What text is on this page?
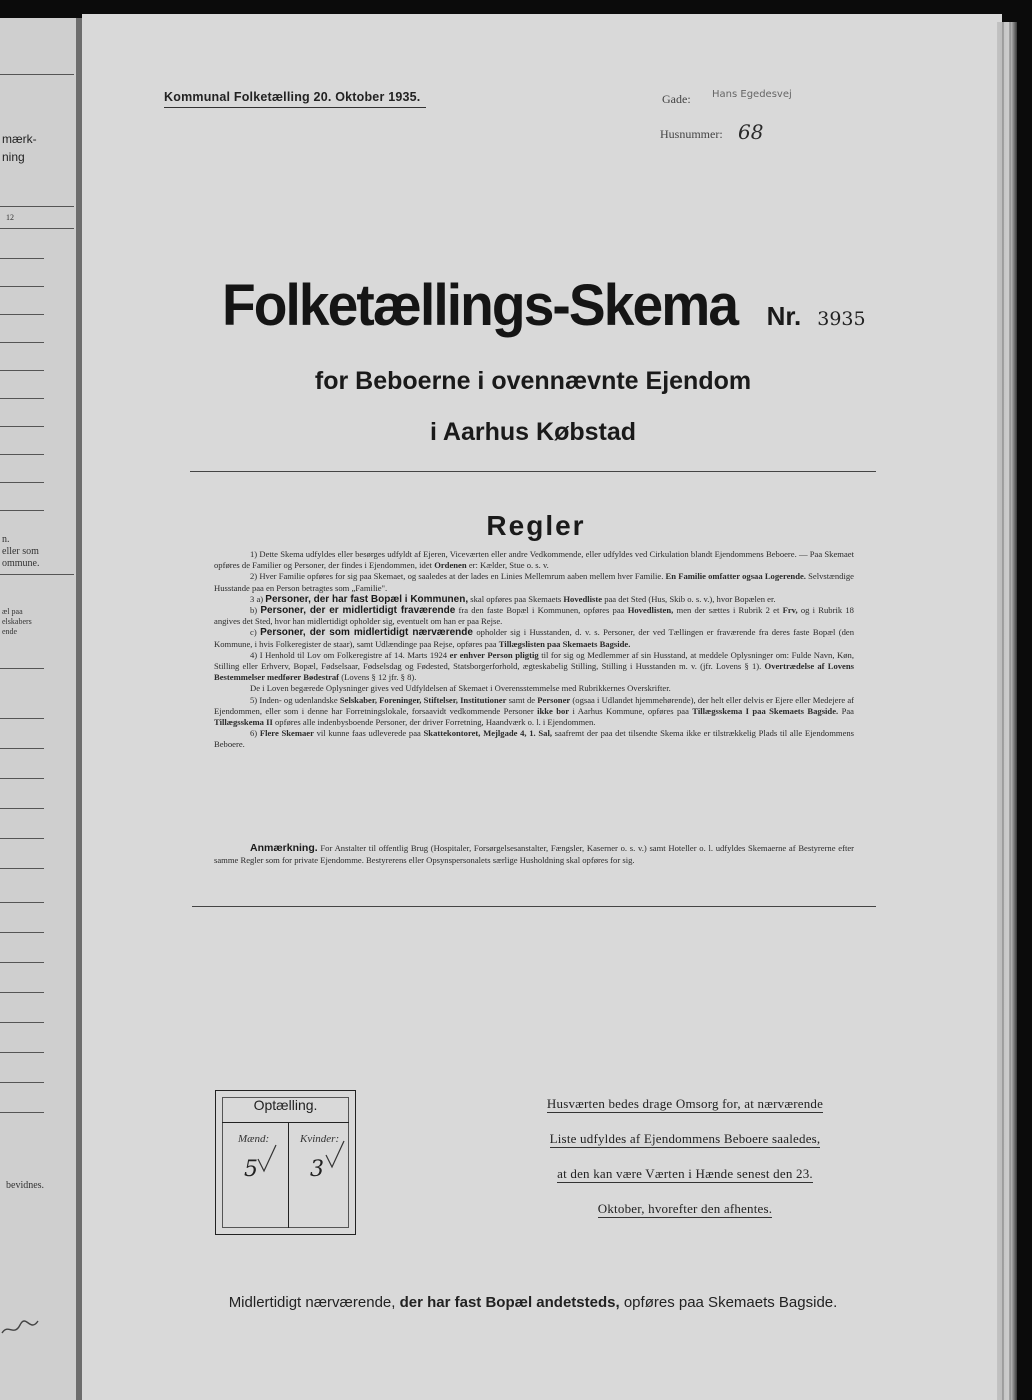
mærk-
ning
12
n.
eller som
ommune.
æl paa
elskabers
ende
bevidnes.
Kommunal Folketælling 20. Oktober 1935.	Gade: Hans Egedesvej
Husnummer: 68
Folketællings-Skema Nr. 3935
for Beboerne i ovennævnte Ejendom
i Aarhus Købstad
Regler

1) Dette Skema udfyldes eller besørges udfyldt af Ejeren, Viceværten eller andre Vedkommende, eller udfyldes ved Cirkulation blandt Ejendommens Beboere. — Paa Skemaet opføres de Familier og Personer, der findes i Ejendommen, idet Ordenen er: Kælder, Stue o. s. v.

2) Hver Familie opføres for sig paa Skemaet, og saaledes at der lades en Linies Mellemrum aaben mellem hver Familie. En Familie omfatter ogsaa Logerende. Selvstændige Husstande paa en Person betragtes som „Familie".

3 a) Personer, der har fast Bopæl i Kommunen, skal opføres paa Skemaets Hovedliste paa det Sted (Hus, Skib o. s. v.), hvor Bopælen er.

b) Personer, der er midlertidigt fraværende fra den faste Bopæl i Kommunen, opføres paa Hovedlisten, men der sættes i Rubrik 2 et Frv, og i Rubrik 18 angives det Sted, hvor han midlertidigt opholder sig, eventuelt om han er paa Rejse.

c) Personer, der som midlertidigt nærværende opholder sig i Husstanden, d. v. s. Personer, der ved Tællingen er fraværende fra deres faste Bopæl (den Kommune, i hvis Folkeregister de staar), samt Udlændinge paa Rejse, opføres paa Tillægslisten paa Skemaets Bagside.

4) I Henhold til Lov om Folkeregistre af 14. Marts 1924 er enhver Person pligtig til for sig og Medlemmer af sin Husstand, at meddele Oplysninger om: Fulde Navn, Køn, Stilling eller Erhverv, Bopæl, Fødselsaar, Fødselsdag og Fødested, Statsborgerforhold, ægteskabelig Stilling, Stilling i Husstanden m. v. (jfr. Lovens § 1). Overtrædelse af Lovens Bestemmelser medfører Bødestraf (Lovens § 12 jfr. § 8).

De i Loven begærede Oplysninger gives ved Udfyldelsen af Skemaet i Overensstemmelse med Rubrikkernes Overskrifter.

5) Inden- og udenlandske Selskaber, Foreninger, Stiftelser, Institutioner samt de Personer (ogsaa i Udlandet hjemmehørende), der helt eller delvis er Ejere eller Medejere af Ejendommen, eller som i denne har Forretningslokale, forsaavidt vedkommende Personer ikke bor i Aarhus Kommune, opføres paa Tillægsskema I paa Skemaets Bagside. Paa Tillægsskema II opføres alle indenbysboende Personer, der driver Forretning, Haandværk o. l. i Ejendommen.

6) Flere Skemaer vil kunne faas udleverede paa Skattekontoret, Mejlgade 4, 1. Sal, saafremt der paa det tilsendte Skema ikke er tilstrækkelig Plads til alle Ejendommens Beboere.

Anmærkning. For Anstalter til offentlig Brug (Hospitaler, Forsørgelsesanstalter, Fængsler, Kaserner o. s. v.) samt Hoteller o. l. udfyldes Skemaerne af Bestyrerne efter samme Regler som for private Ejendomme. Bestyrerens eller Opsynspersonalets særlige Husholdning skal opføres for sig.
Optælling.
Mænd:	Kvinder:
5 3
Husværten bedes drage Omsorg for, at nærværende
Liste udfyldes af Ejendommens Beboere saaledes,
at den kan være Værten i Hænde senest den 23.
Oktober, hvorefter den afhentes.
Midlertidigt nærværende, der har fast Bopæl andetsteds, opføres paa Skemaets Bagside.
